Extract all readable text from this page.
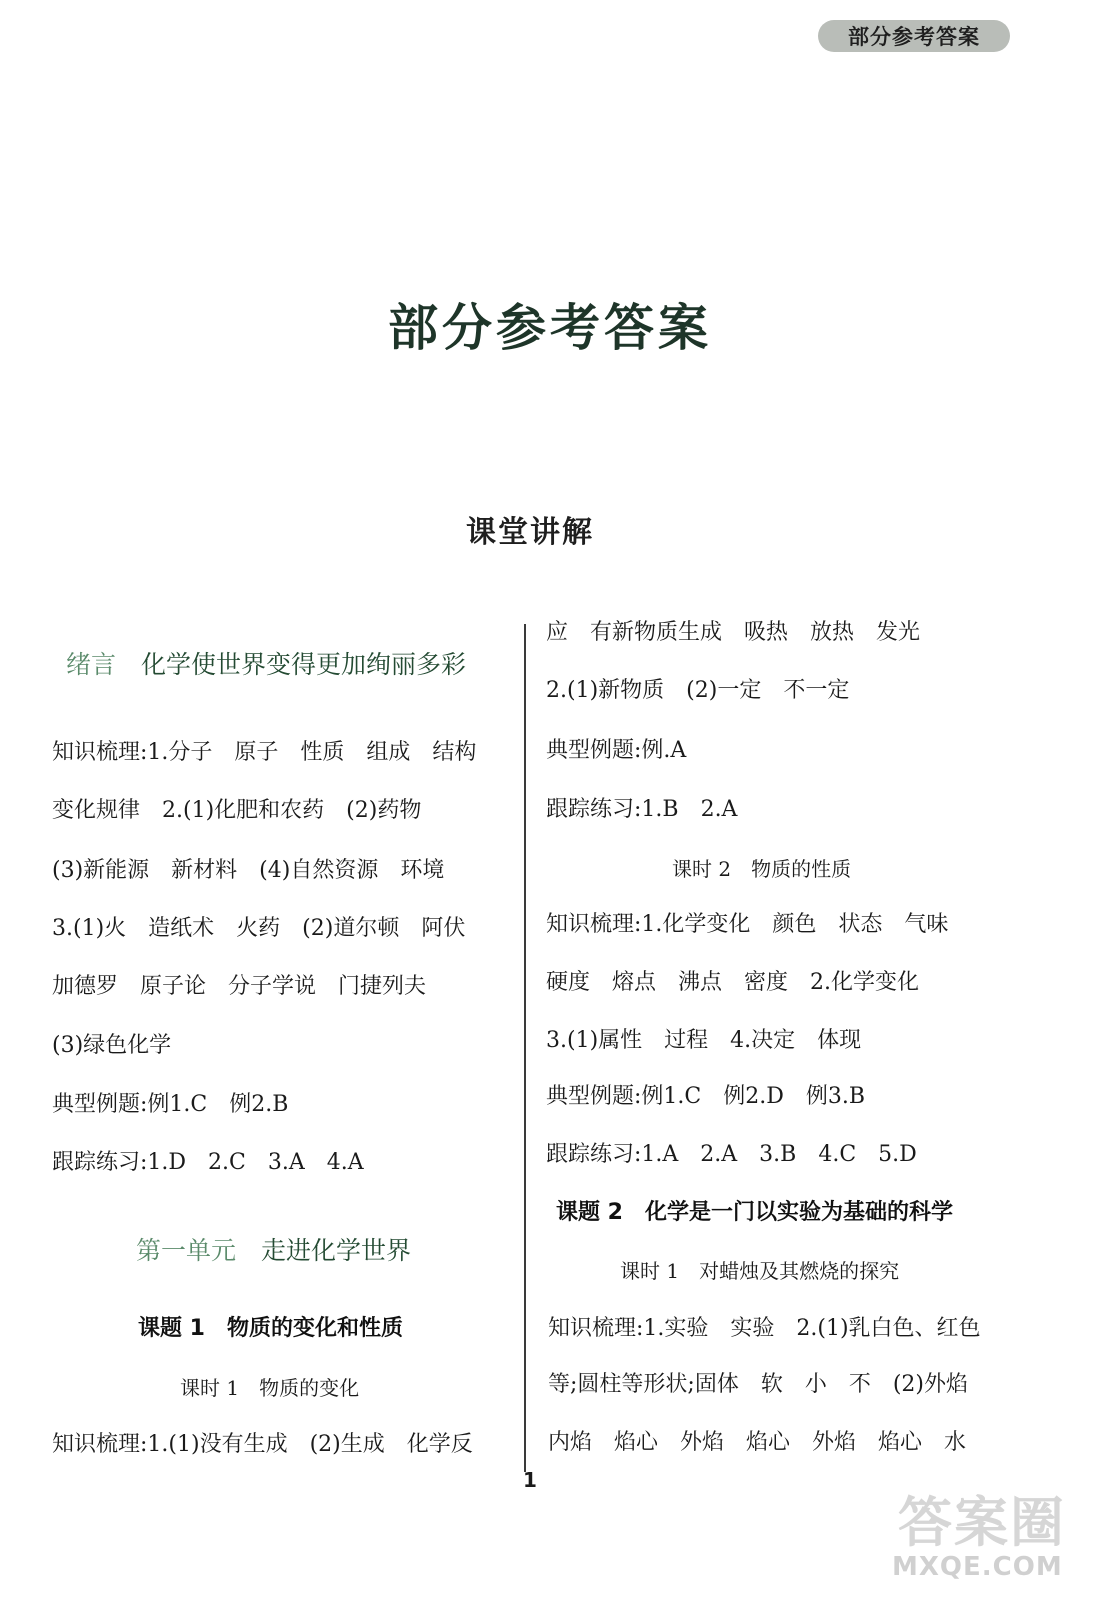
部分参考答案
部分参考答案
课堂讲解
绪言　 化学使世界变得更加绚丽多彩
知识梳理:1.分子　原子　性质　组成　结构
变化规律　2.(1)化肥和农药　(2)药物
(3)新能源　新材料　(4)自然资源　环境
3.(1)火　造纸术　火药　(2)道尔顿　阿伏
加德罗　原子论　分子学说　门捷列夫
(3)绿色化学
典型例题:例1.C　例2.B
跟踪练习:1.D　2.C　3.A　4.A
第一单元　 走进化学世界
课题 1　物质的变化和性质
课时 1　物质的变化
知识梳理:1.(1)没有生成　(2)生成　化学反
应　有新物质生成　吸热　放热　发光
2.(1)新物质　(2)一定　不一定
典型例题:例.A
跟踪练习:1.B　2.A
课时 2　物质的性质
知识梳理:1.化学变化　颜色　状态　气味
硬度　熔点　沸点　密度　2.化学变化
3.(1)属性　过程　4.决定　体现
典型例题:例1.C　例2.D　例3.B
跟踪练习:1.A　2.A　3.B　4.C　5.D
课题 2　化学是一门以实验为基础的科学
课时 1　对蜡烛及其燃烧的探究
知识梳理:1.实验　实验　2.(1)乳白色、红色
等;圆柱等形状;固体　软　小　不　(2)外焰
内焰　焰心　外焰　焰心　外焰　焰心　水
1
答案圈
MXQE.COM
